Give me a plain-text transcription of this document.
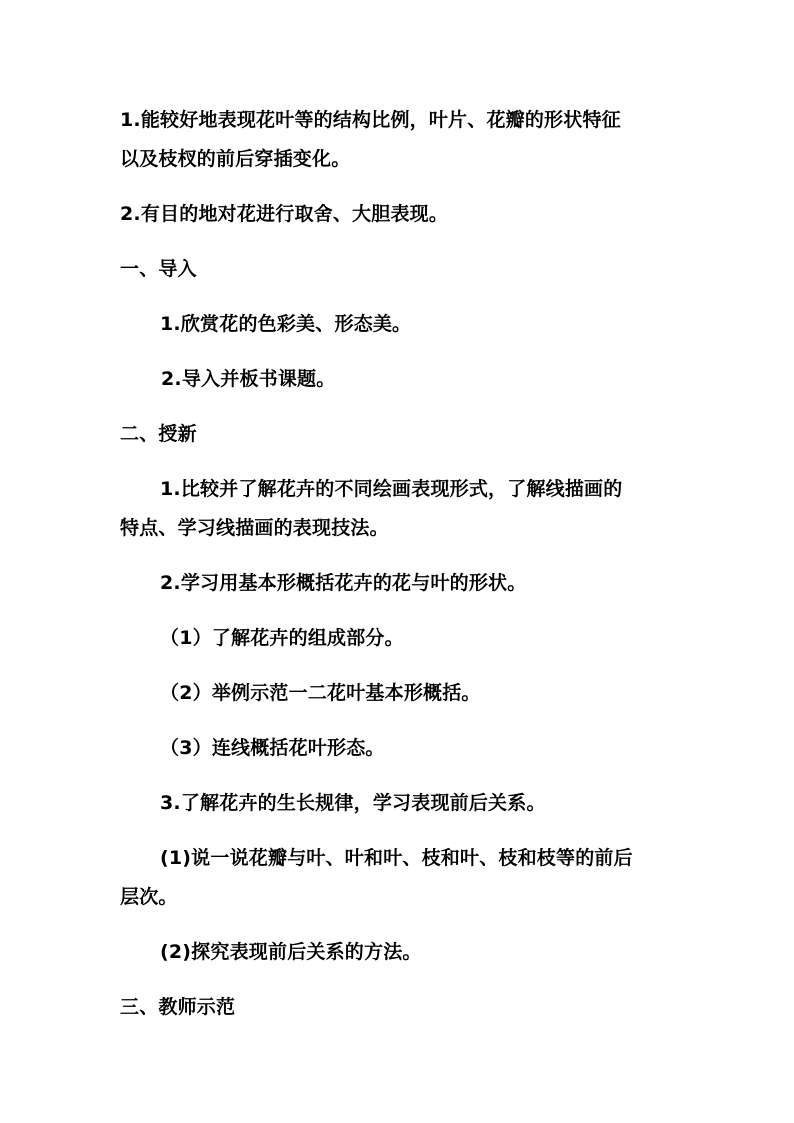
1.能较好地表现花叶等的结构比例，叶片、花瓣的形状特征
以及枝杈的前后穿插变化。
2.有目的地对花进行取舍、大胆表现。
一、导入
1.欣赏花的色彩美、形态美。
2.导入并板书课题。
二、授新
1.比较并了解花卉的不同绘画表现形式，了解线描画的
特点、学习线描画的表现技法。
2.学习用基本形概括花卉的花与叶的形状。
（1）了解花卉的组成部分。
（2）举例示范一二花叶基本形概括。
（3）连线概括花叶形态。
3.了解花卉的生长规律，学习表现前后关系。
(1)说一说花瓣与叶、叶和叶、枝和叶、枝和枝等的前后
层次。
(2)探究表现前后关系的方法。
三、教师示范
